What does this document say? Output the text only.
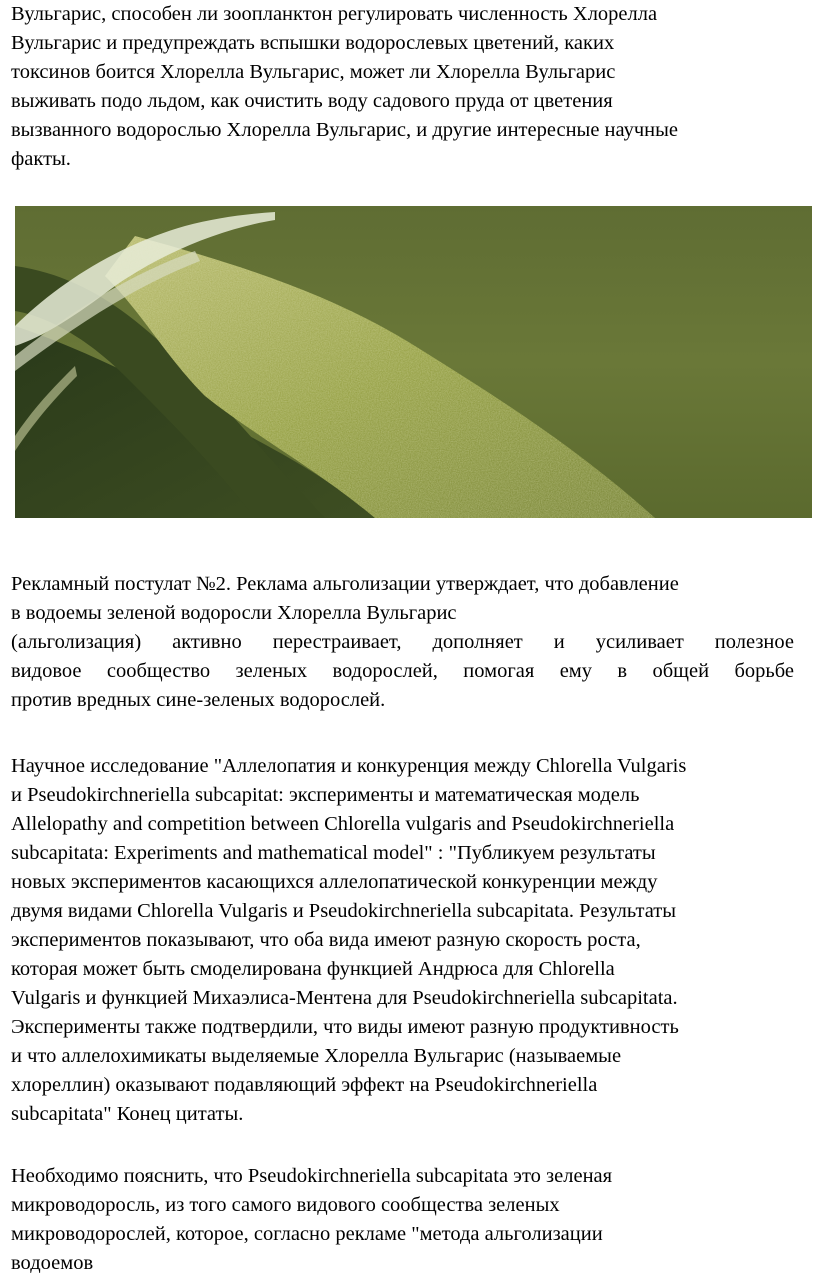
Вульгарис, способен ли зоопланктон регулировать численность Хлорелла
Вульгарис и предупреждать вспышки водорослевых цветений, каких
токсинов боится Хлорелла Вульгарис, может ли Хлорелла Вульгарис
выживать подо льдом, как очистить воду садового пруда от цветения
вызванного водорослью Хлорелла Вульгарис, и другие интересные научные
факты.
Рекламный постулат №2. Реклама альголизации утверждает, что добавление
в водоемы зеленой водоросли Хлорелла Вульгарис
(альголизация) активно перестраивает, дополняет и усиливает полезное
видовое сообщество зеленых водорослей, помогая ему в общей борьбе
против вредных сине-зеленых водорослей.
Научное исследование "Аллелопатия и конкуренция между Chlorella Vulgaris
и Pseudokirchneriella subcapitat: эксперименты и математическая модель
Allelopathy and competition between Chlorella vulgaris and Pseudokirchneriella
subcapitata: Experiments and mathematical model" : "Публикуем результаты
новых экспериментов касающихся аллелопатической конкуренции между
двумя видами Chlorella Vulgaris и Pseudokirchneriella subcapitata. Результаты
экспериментов показывают, что оба вида имеют разную скорость роста,
которая может быть смоделирована функцией Андрюса для Chlorella
Vulgaris и функцией Михаэлиса-Ментена для Pseudokirchneriella subcapitata.
Эксперименты также подтвердили, что виды имеют разную продуктивность
и что аллелохимикаты выделяемые Хлорелла Вульгарис (называемые
хлореллин) оказывают подавляющий эффект на Pseudokirchneriella
subcapitata" Конец цитаты.
Необходимо пояснить, что Pseudokirchneriella subcapitata это зеленая
микроводоросль, из того самого видового сообщества зеленых
микроводорослей, которое, согласно рекламе "метода альголизации
водоемов
